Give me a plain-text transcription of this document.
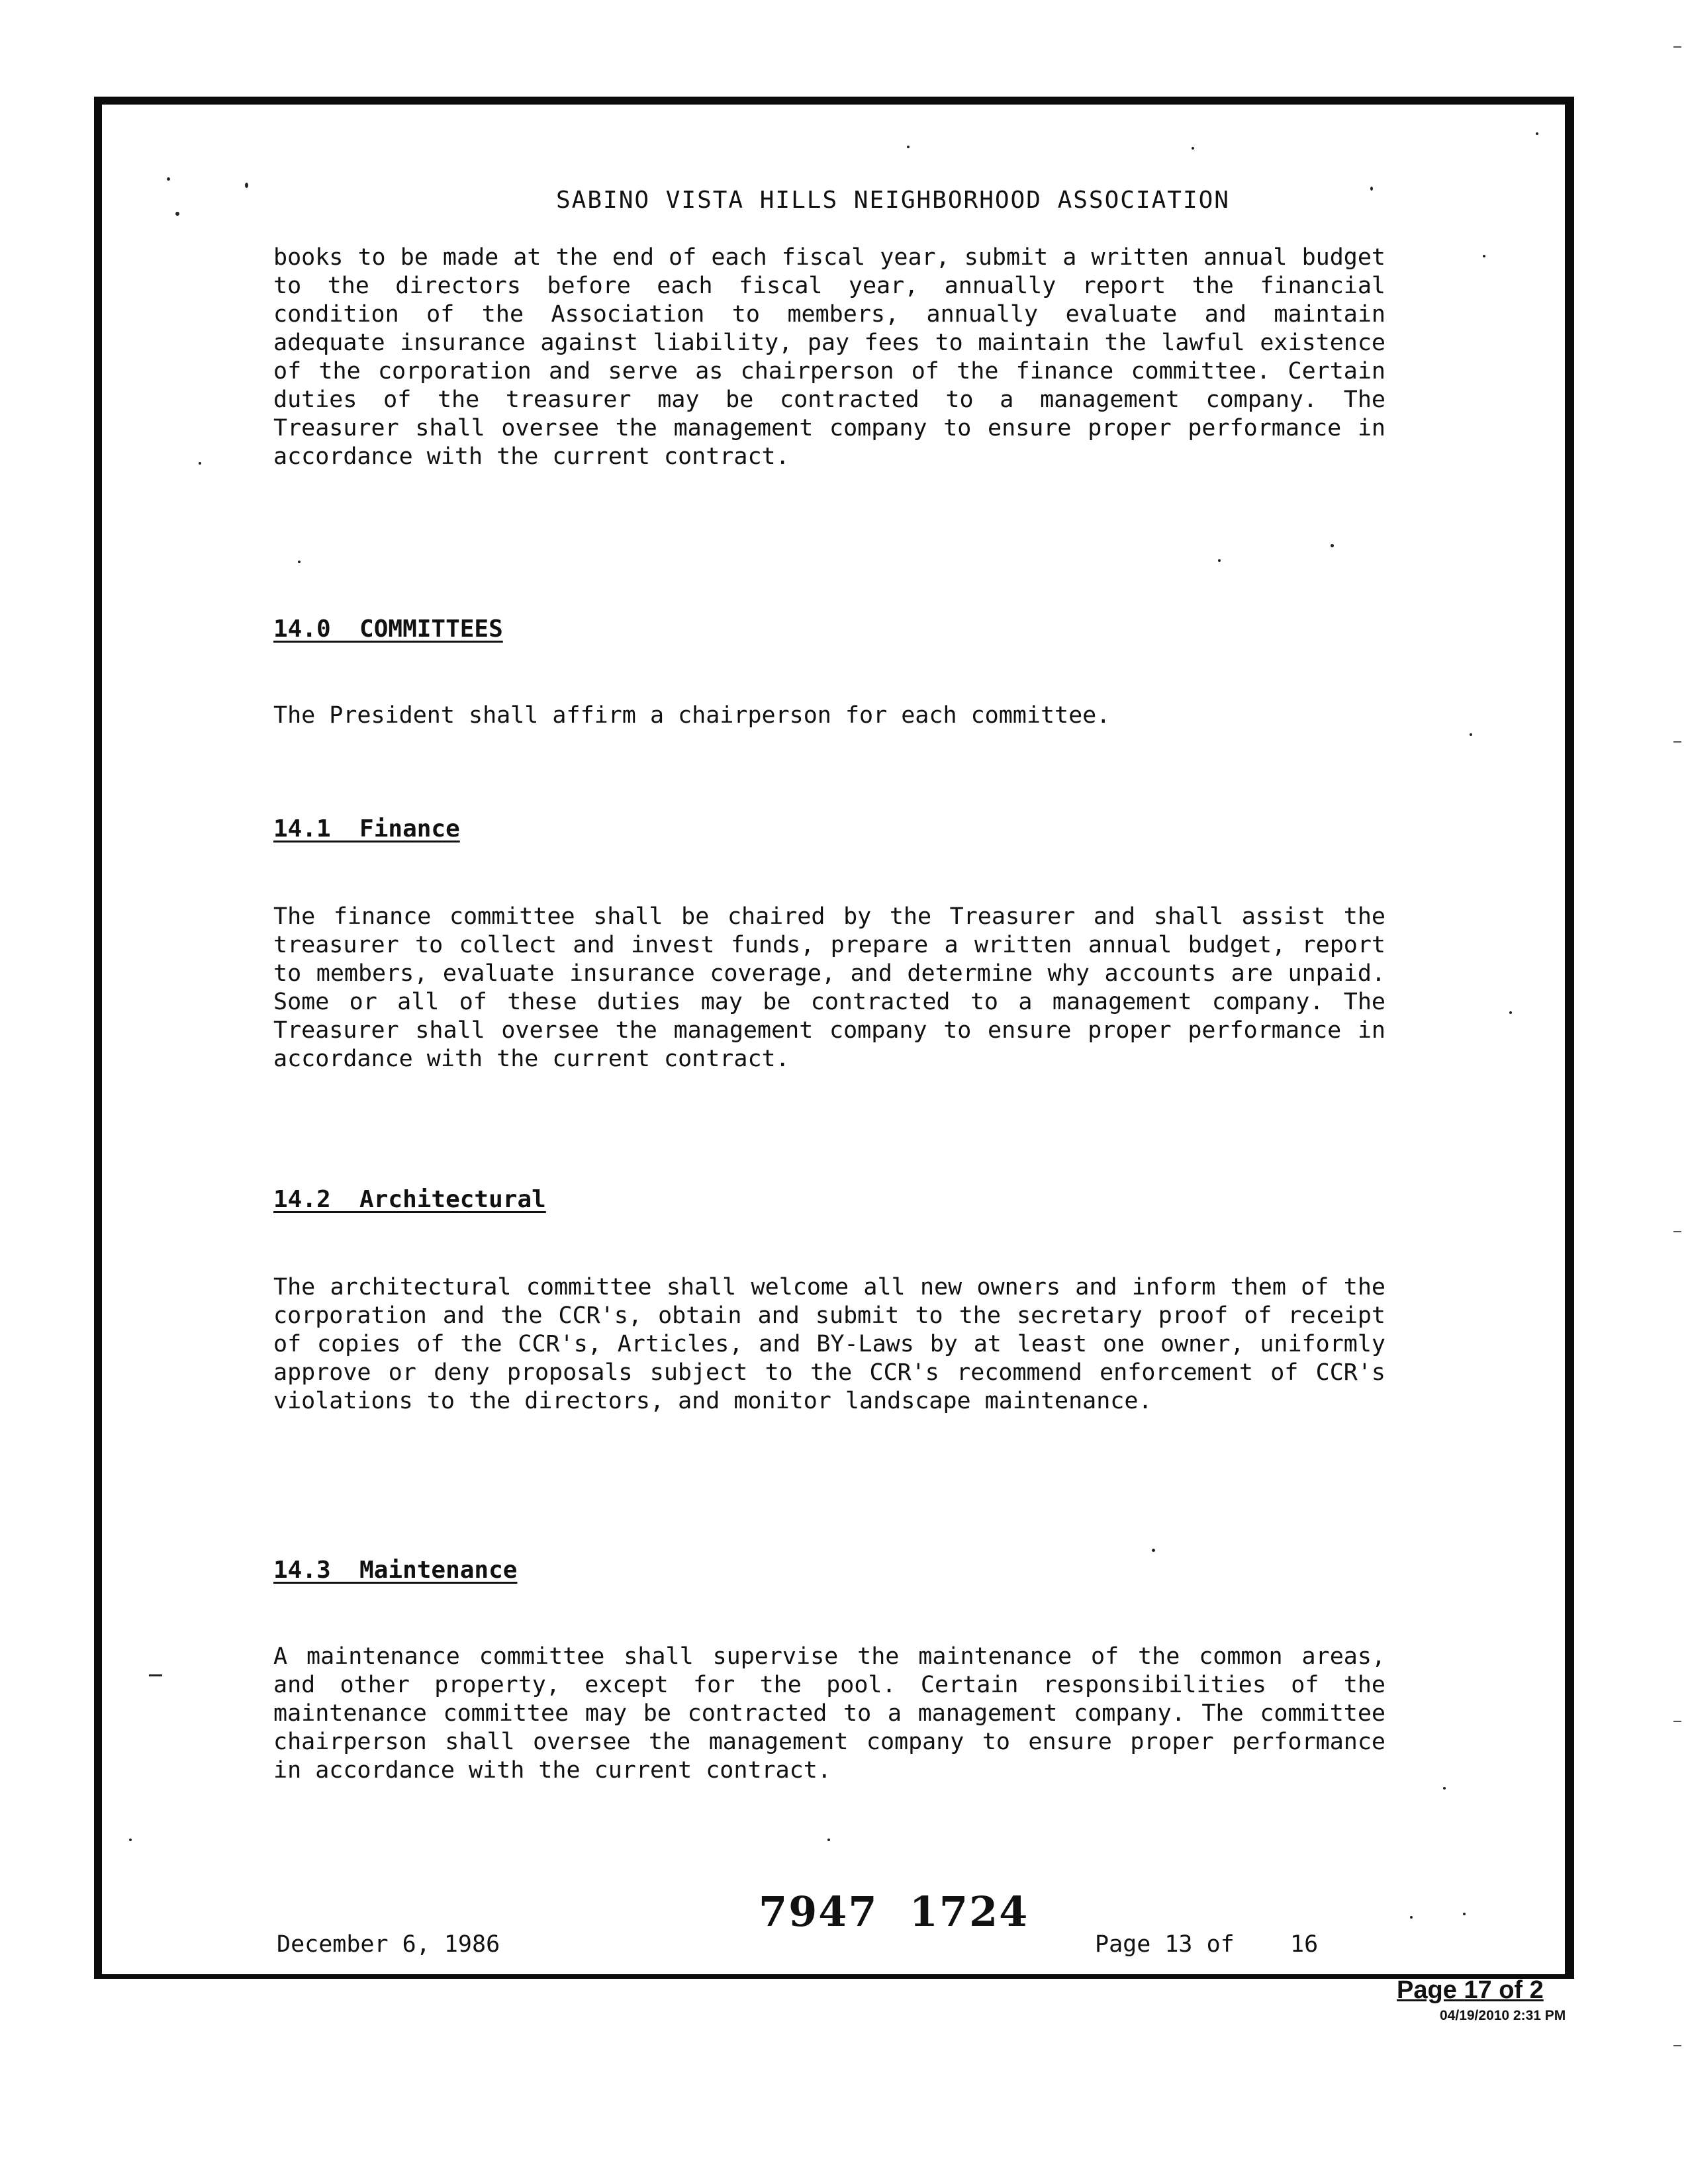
SABINO VISTA HILLS NEIGHBORHOOD ASSOCIATION
books to be made at the end of each fiscal year, submit a written annual budget to the directors before each fiscal year, annually report the financial condition of the Association to members, annually evaluate and maintain adequate insurance against liability, pay fees to maintain the lawful existence of the corporation and serve as chairperson of the finance committee. Certain duties of the treasurer may be contracted to a management company. The Treasurer shall oversee the management company to ensure proper performance in accordance with the current contract.
14.0  COMMITTEES
The President shall affirm a chairperson for each committee.
14.1  Finance
The finance committee shall be chaired by the Treasurer and shall assist the treasurer to collect and invest funds, prepare a written annual budget, report to members, evaluate insurance coverage, and determine why accounts are unpaid. Some or all of these duties may be contracted to a management company. The Treasurer shall oversee the management company to ensure proper performance in accordance with the current contract.
14.2  Architectural
The architectural committee shall welcome all new owners and inform them of the corporation and the CCR's, obtain and submit to the secretary proof of receipt of copies of the CCR's, Articles, and BY-Laws by at least one owner, uniformly approve or deny proposals subject to the CCR's recommend enforcement of CCR's violations to the directors, and monitor landscape maintenance.
14.3  Maintenance
A maintenance committee shall supervise the maintenance of the common areas, and other property, except for the pool. Certain responsibilities of the maintenance committee may be contracted to a management company. The committee chairperson shall oversee the management company to ensure proper performance in accordance with the current contract.
December 6, 1986
7947  1724
Page 13 of    16
Page 17 of 2
04/19/2010 2:31 PM
